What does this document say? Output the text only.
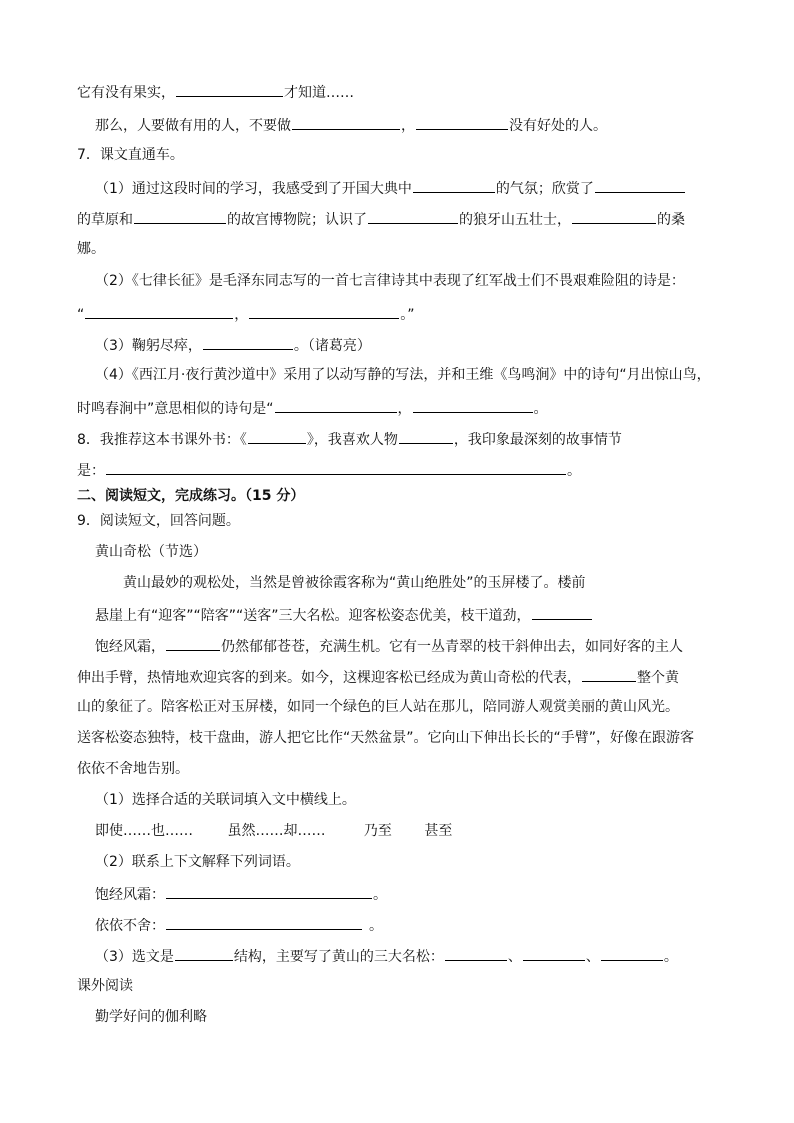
它有没有果实，	才知道……
那么，人要做有用的人，不要做	，	没有好处的人。
7．课文直通车。
（1）通过这段时间的学习，我感受到了开国大典中	的气氛；欣赏了
的草原和	的故宫博物院；认识了	的狼牙山五壮士，	的桑
娜。
（2）《七律长征》是毛泽东同志写的一首七言律诗其中表现了红军战士们不畏艰难险阻的诗是：
“	，	。”
（3）鞠躬尽瘁，	。（诸葛亮）
（4）《西江月·夜行黄沙道中》采用了以动写静的写法，并和王维《鸟鸣涧》中的诗句“月出惊山鸟，
时鸣春涧中”意思相似的诗句是“	，	。
8．我推荐这本书课外书：《	》，我喜欢人物	，我印象最深刻的故事情节
是：	。
二、阅读短文，完成练习。（15 分）
9．阅读短文，回答问题。
黄山奇松（节选）
黄山最妙的观松处，当然是曾被徐霞客称为“黄山绝胜处”的玉屏楼了。楼前
悬崖上有“迎客”“陪客”“送客”三大名松。迎客松姿态优美，枝干道劲，
饱经风霜，	仍然郁郁苍苍，充满生机。它有一丛青翠的枝干斜伸出去，如同好客的主人
伸出手臂，热情地欢迎宾客的到来。如今，这棵迎客松已经成为黄山奇松的代表，	整个黄
山的象征了。陪客松正对玉屏楼，如同一个绿色的巨人站在那儿，陪同游人观赏美丽的黄山风光。
送客松姿态独特，枝干盘曲，游人把它比作“天然盆景”。它向山下伸出长长的“手臂”，好像在跟游客
依依不舍地告别。
（1）选择合适的关联词填入文中横线上。
即使……也…… 虽然……却……	乃至 甚至
（2）联系上下文解释下列词语。
饱经风霜：	。
依依不舍：	。
（3）选文是	结构，主要写了黄山的三大名松：	、	、	。
课外阅读
勤学好问的伽利略
